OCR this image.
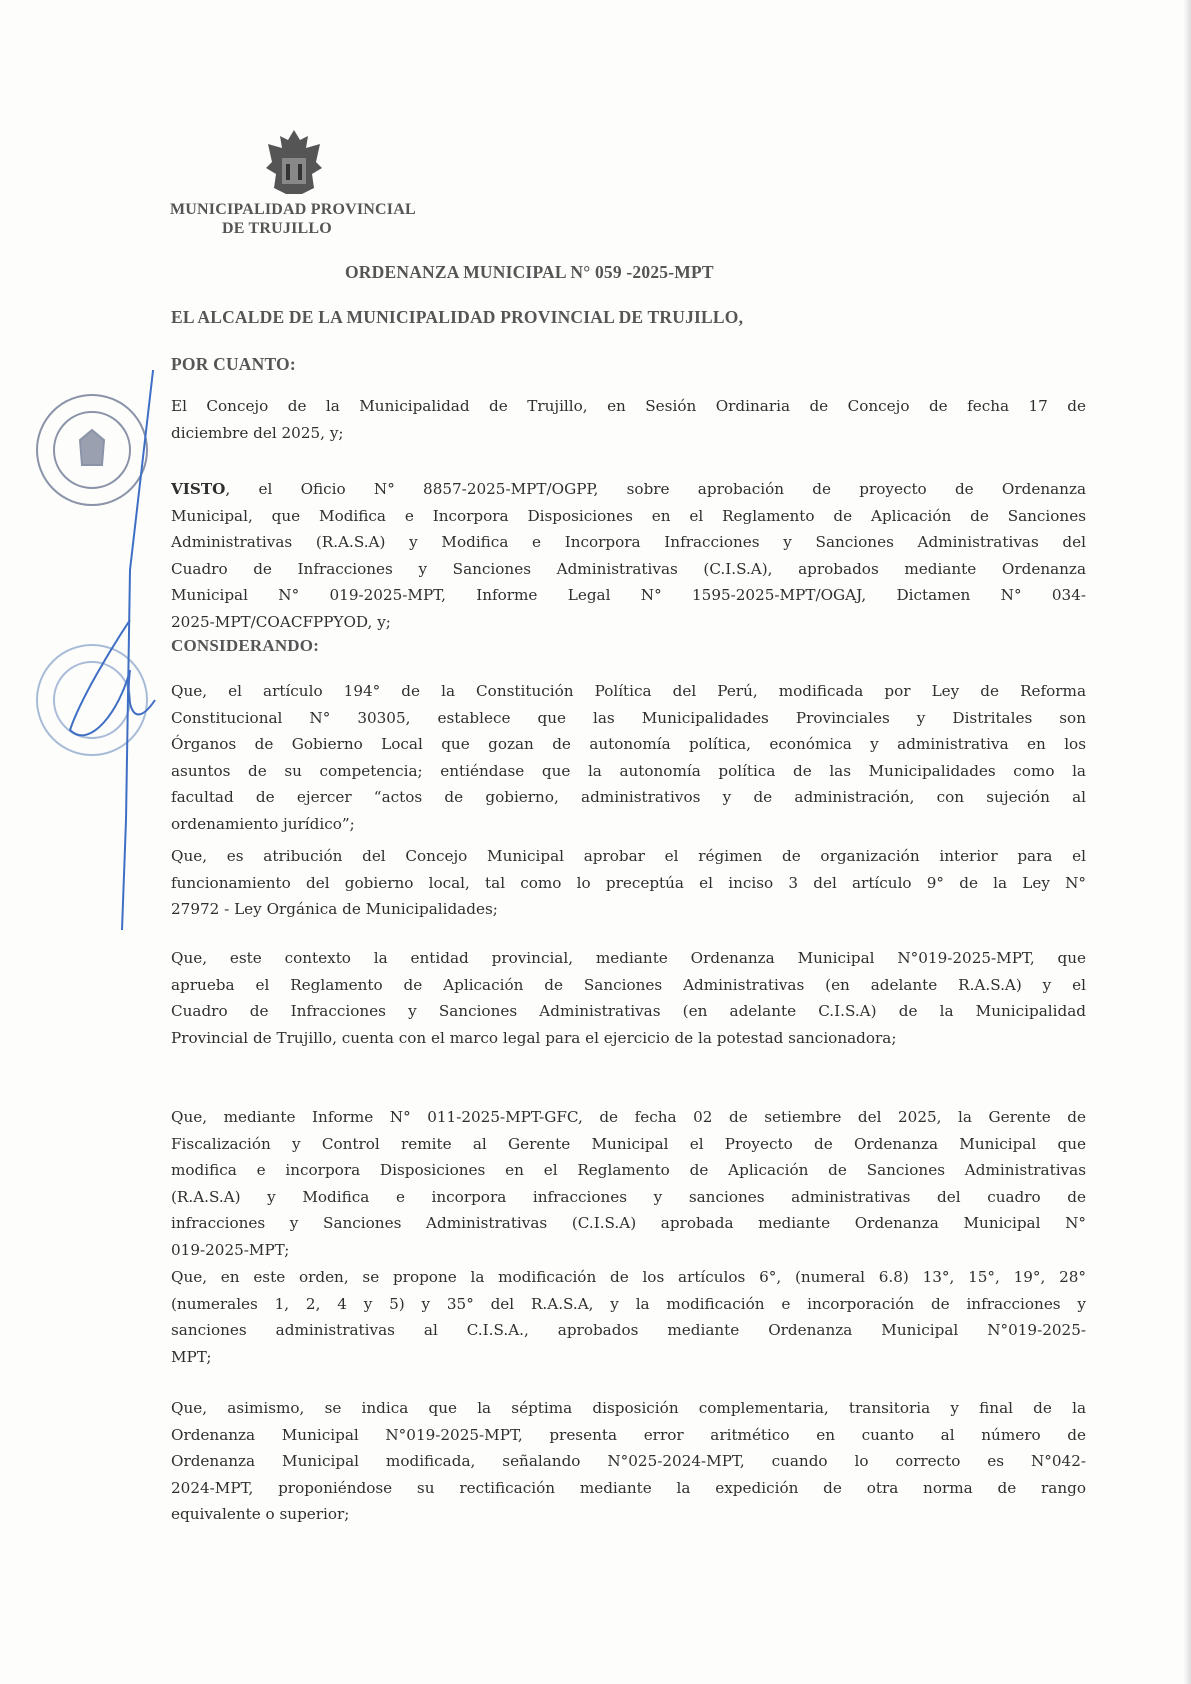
MUNICIPALIDAD PROVINCIAL
DE TRUJILLO
ORDENANZA MUNICIPAL N° 059 -2025-MPT
EL ALCALDE DE LA MUNICIPALIDAD PROVINCIAL DE TRUJILLO,
POR CUANTO:
El Concejo de la Municipalidad de Trujillo, en Sesión Ordinaria de Concejo de fecha 17 de
diciembre del 2025, y;
VISTO, el Oficio N° 8857-2025-MPT/OGPP, sobre aprobación de proyecto de Ordenanza
Municipal, que Modifica e Incorpora Disposiciones en el Reglamento de Aplicación de Sanciones
Administrativas (R.A.S.A) y Modifica e Incorpora Infracciones y Sanciones Administrativas del
Cuadro de Infracciones y Sanciones Administrativas (C.I.S.A), aprobados mediante Ordenanza
Municipal N° 019-2025-MPT, Informe Legal N° 1595-2025-MPT/OGAJ, Dictamen N° 034-
2025-MPT/COACFPPYOD, y;
CONSIDERANDO:
Que, el artículo 194° de la Constitución Política del Perú, modificada por Ley de Reforma
Constitucional N° 30305, establece que las Municipalidades Provinciales y Distritales son
Órganos de Gobierno Local que gozan de autonomía política, económica y administrativa en los
asuntos de su competencia; entiéndase que la autonomía política de las Municipalidades como la
facultad de ejercer “actos de gobierno, administrativos y de administración, con sujeción al
ordenamiento jurídico”;
Que, es atribución del Concejo Municipal aprobar el régimen de organización interior para el
funcionamiento del gobierno local, tal como lo preceptúa el inciso 3 del artículo 9° de la Ley N°
27972 - Ley Orgánica de Municipalidades;
Que, este contexto la entidad provincial, mediante Ordenanza Municipal N°019-2025-MPT, que
aprueba el Reglamento de Aplicación de Sanciones Administrativas (en adelante R.A.S.A) y el
Cuadro de Infracciones y Sanciones Administrativas (en adelante C.I.S.A) de la Municipalidad
Provincial de Trujillo, cuenta con el marco legal para el ejercicio de la potestad sancionadora;
Que, mediante Informe N° 011-2025-MPT-GFC, de fecha 02 de setiembre del 2025, la Gerente de
Fiscalización y Control remite al Gerente Municipal el Proyecto de Ordenanza Municipal que
modifica e incorpora Disposiciones en el Reglamento de Aplicación de Sanciones Administrativas
(R.A.S.A) y Modifica e incorpora infracciones y sanciones administrativas del cuadro de
infracciones y Sanciones Administrativas (C.I.S.A) aprobada mediante Ordenanza Municipal N°
019-2025-MPT;
Que, en este orden, se propone la modificación de los artículos 6°, (numeral 6.8) 13°, 15°, 19°, 28°
(numerales 1, 2, 4 y 5) y 35° del R.A.S.A, y la modificación e incorporación de infracciones y
sanciones administrativas al C.I.S.A., aprobados mediante Ordenanza Municipal N°019-2025-
MPT;
Que, asimismo, se indica que la séptima disposición complementaria, transitoria y final de la
Ordenanza Municipal N°019-2025-MPT, presenta error aritmético en cuanto al número de
Ordenanza Municipal modificada, señalando N°025-2024-MPT, cuando lo correcto es N°042-
2024-MPT, proponiéndose su rectificación mediante la expedición de otra norma de rango
equivalente o superior;
